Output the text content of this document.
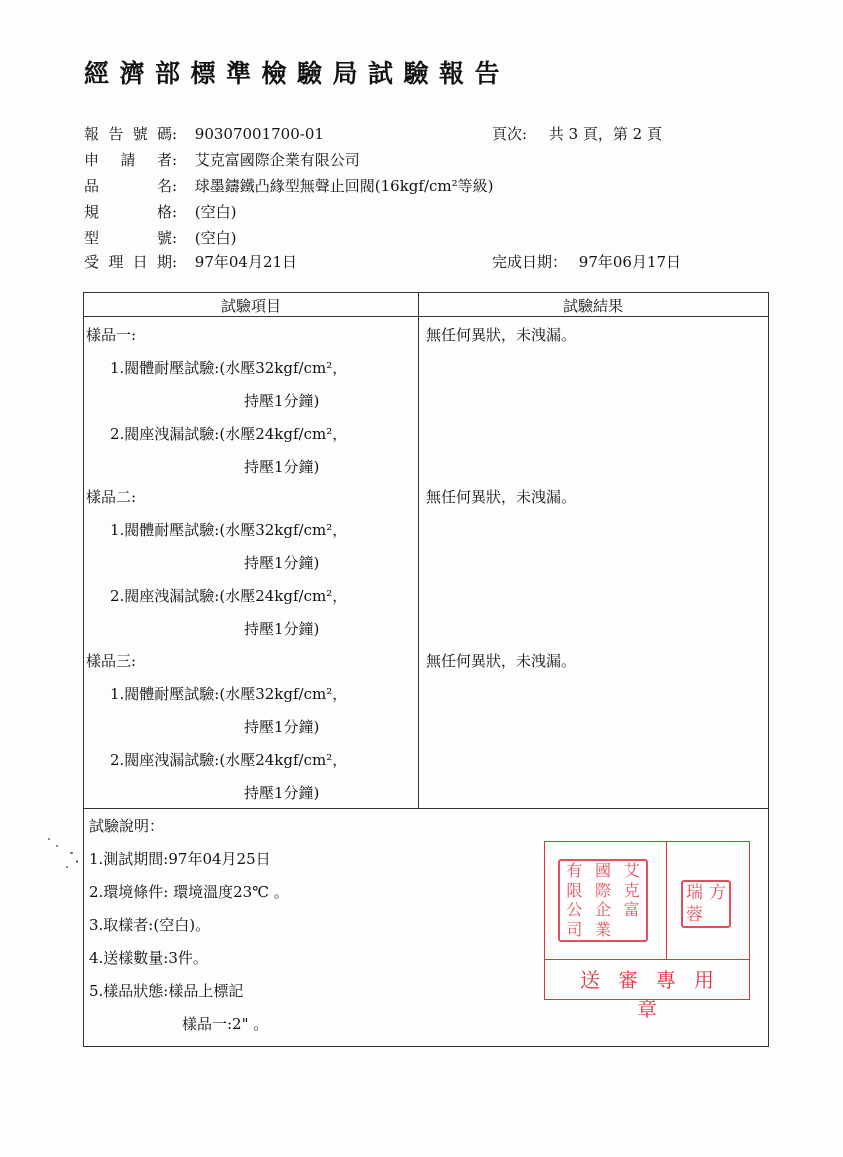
經濟部標準檢驗局試驗報告
報告號碼: 90307001700-01	頁次: 共 3 頁，第 2 頁
申請者: 艾克富國際企業有限公司
品名: 球墨鑄鐵凸緣型無聲止回閥(16kgf/cm²等級)
規格: (空白)
型號: (空白)
受理日期: 97年04月21日	完成日期： 97年06月17日
試驗項目	試驗結果
樣品一:	無任何異狀，未洩漏。
1.閥體耐壓試驗:(水壓32kgf/cm²，
持壓1分鐘)
2.閥座洩漏試驗:(水壓24kgf/cm²，
持壓1分鐘)
樣品二:	無任何異狀，未洩漏。
1.閥體耐壓試驗:(水壓32kgf/cm²，
持壓1分鐘)
2.閥座洩漏試驗:(水壓24kgf/cm²，
持壓1分鐘)
樣品三:	無任何異狀，未洩漏。
1.閥體耐壓試驗:(水壓32kgf/cm²，
持壓1分鐘)
2.閥座洩漏試驗:(水壓24kgf/cm²，
持壓1分鐘)
試驗說明：
1.測試期間:97年04月25日
2.環境條件: 環境溫度23℃ 。
3.取樣者:(空白)。
4.送樣數量:3件。
5.樣品狀態:樣品上標記
樣品一:2" 。
有 國 艾
限 際 克
公 企 富
司 業
瑞 方
蓉
送審專用章
